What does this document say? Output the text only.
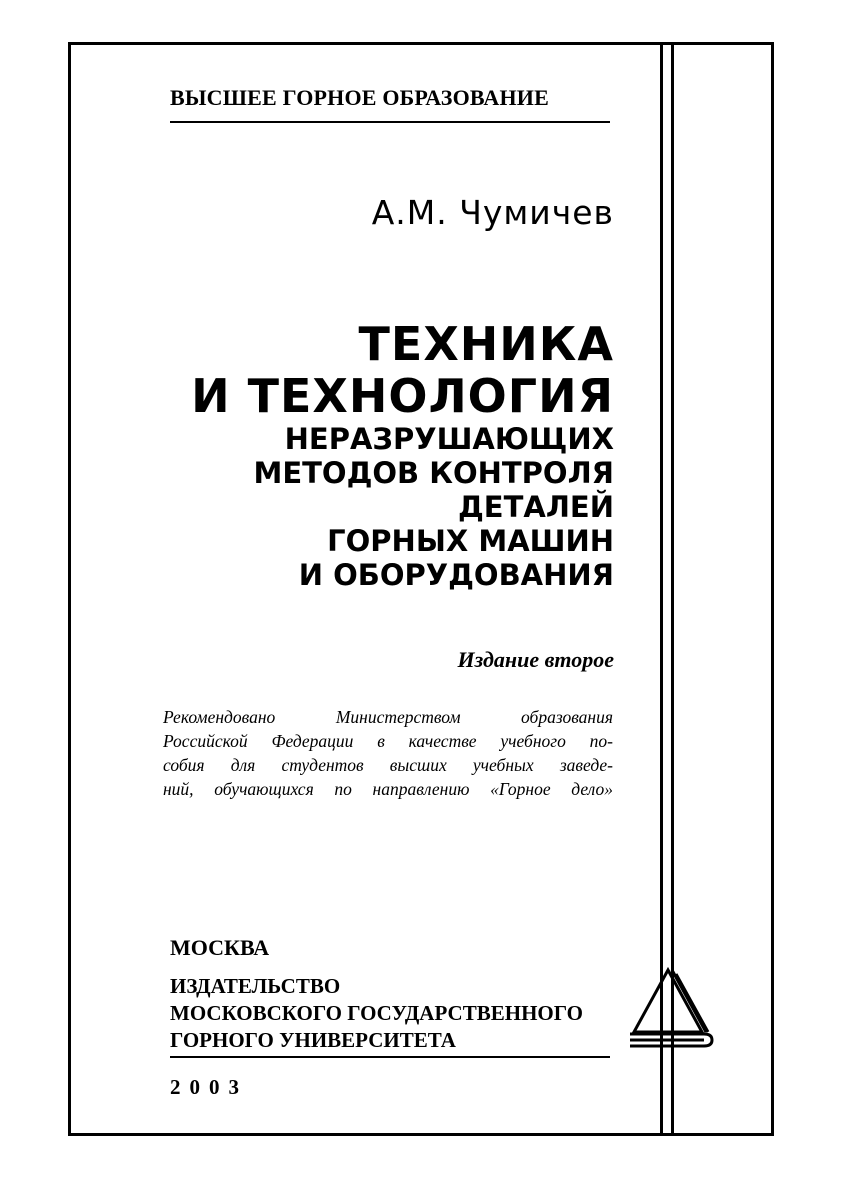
ВЫСШЕЕ ГОРНОЕ ОБРАЗОВАНИЕ
А.М. Чумичев
ТЕХНИКА
И ТЕХНОЛОГИЯ
НЕРАЗРУШАЮЩИХ
МЕТОДОВ КОНТРОЛЯ
ДЕТАЛЕЙ
ГОРНЫХ МАШИН
И ОБОРУДОВАНИЯ
Издание второе
Рекомендовано Министерством образования
Российской Федерации в качестве учебного по-
собия для студентов высших учебных заведе-
ний, обучающихся по направлению «Горное дело»
МОСКВА
ИЗДАТЕЛЬСТВО
МОСКОВСКОГО ГОСУДАРСТВЕННОГО
ГОРНОГО УНИВЕРСИТЕТА
2003
